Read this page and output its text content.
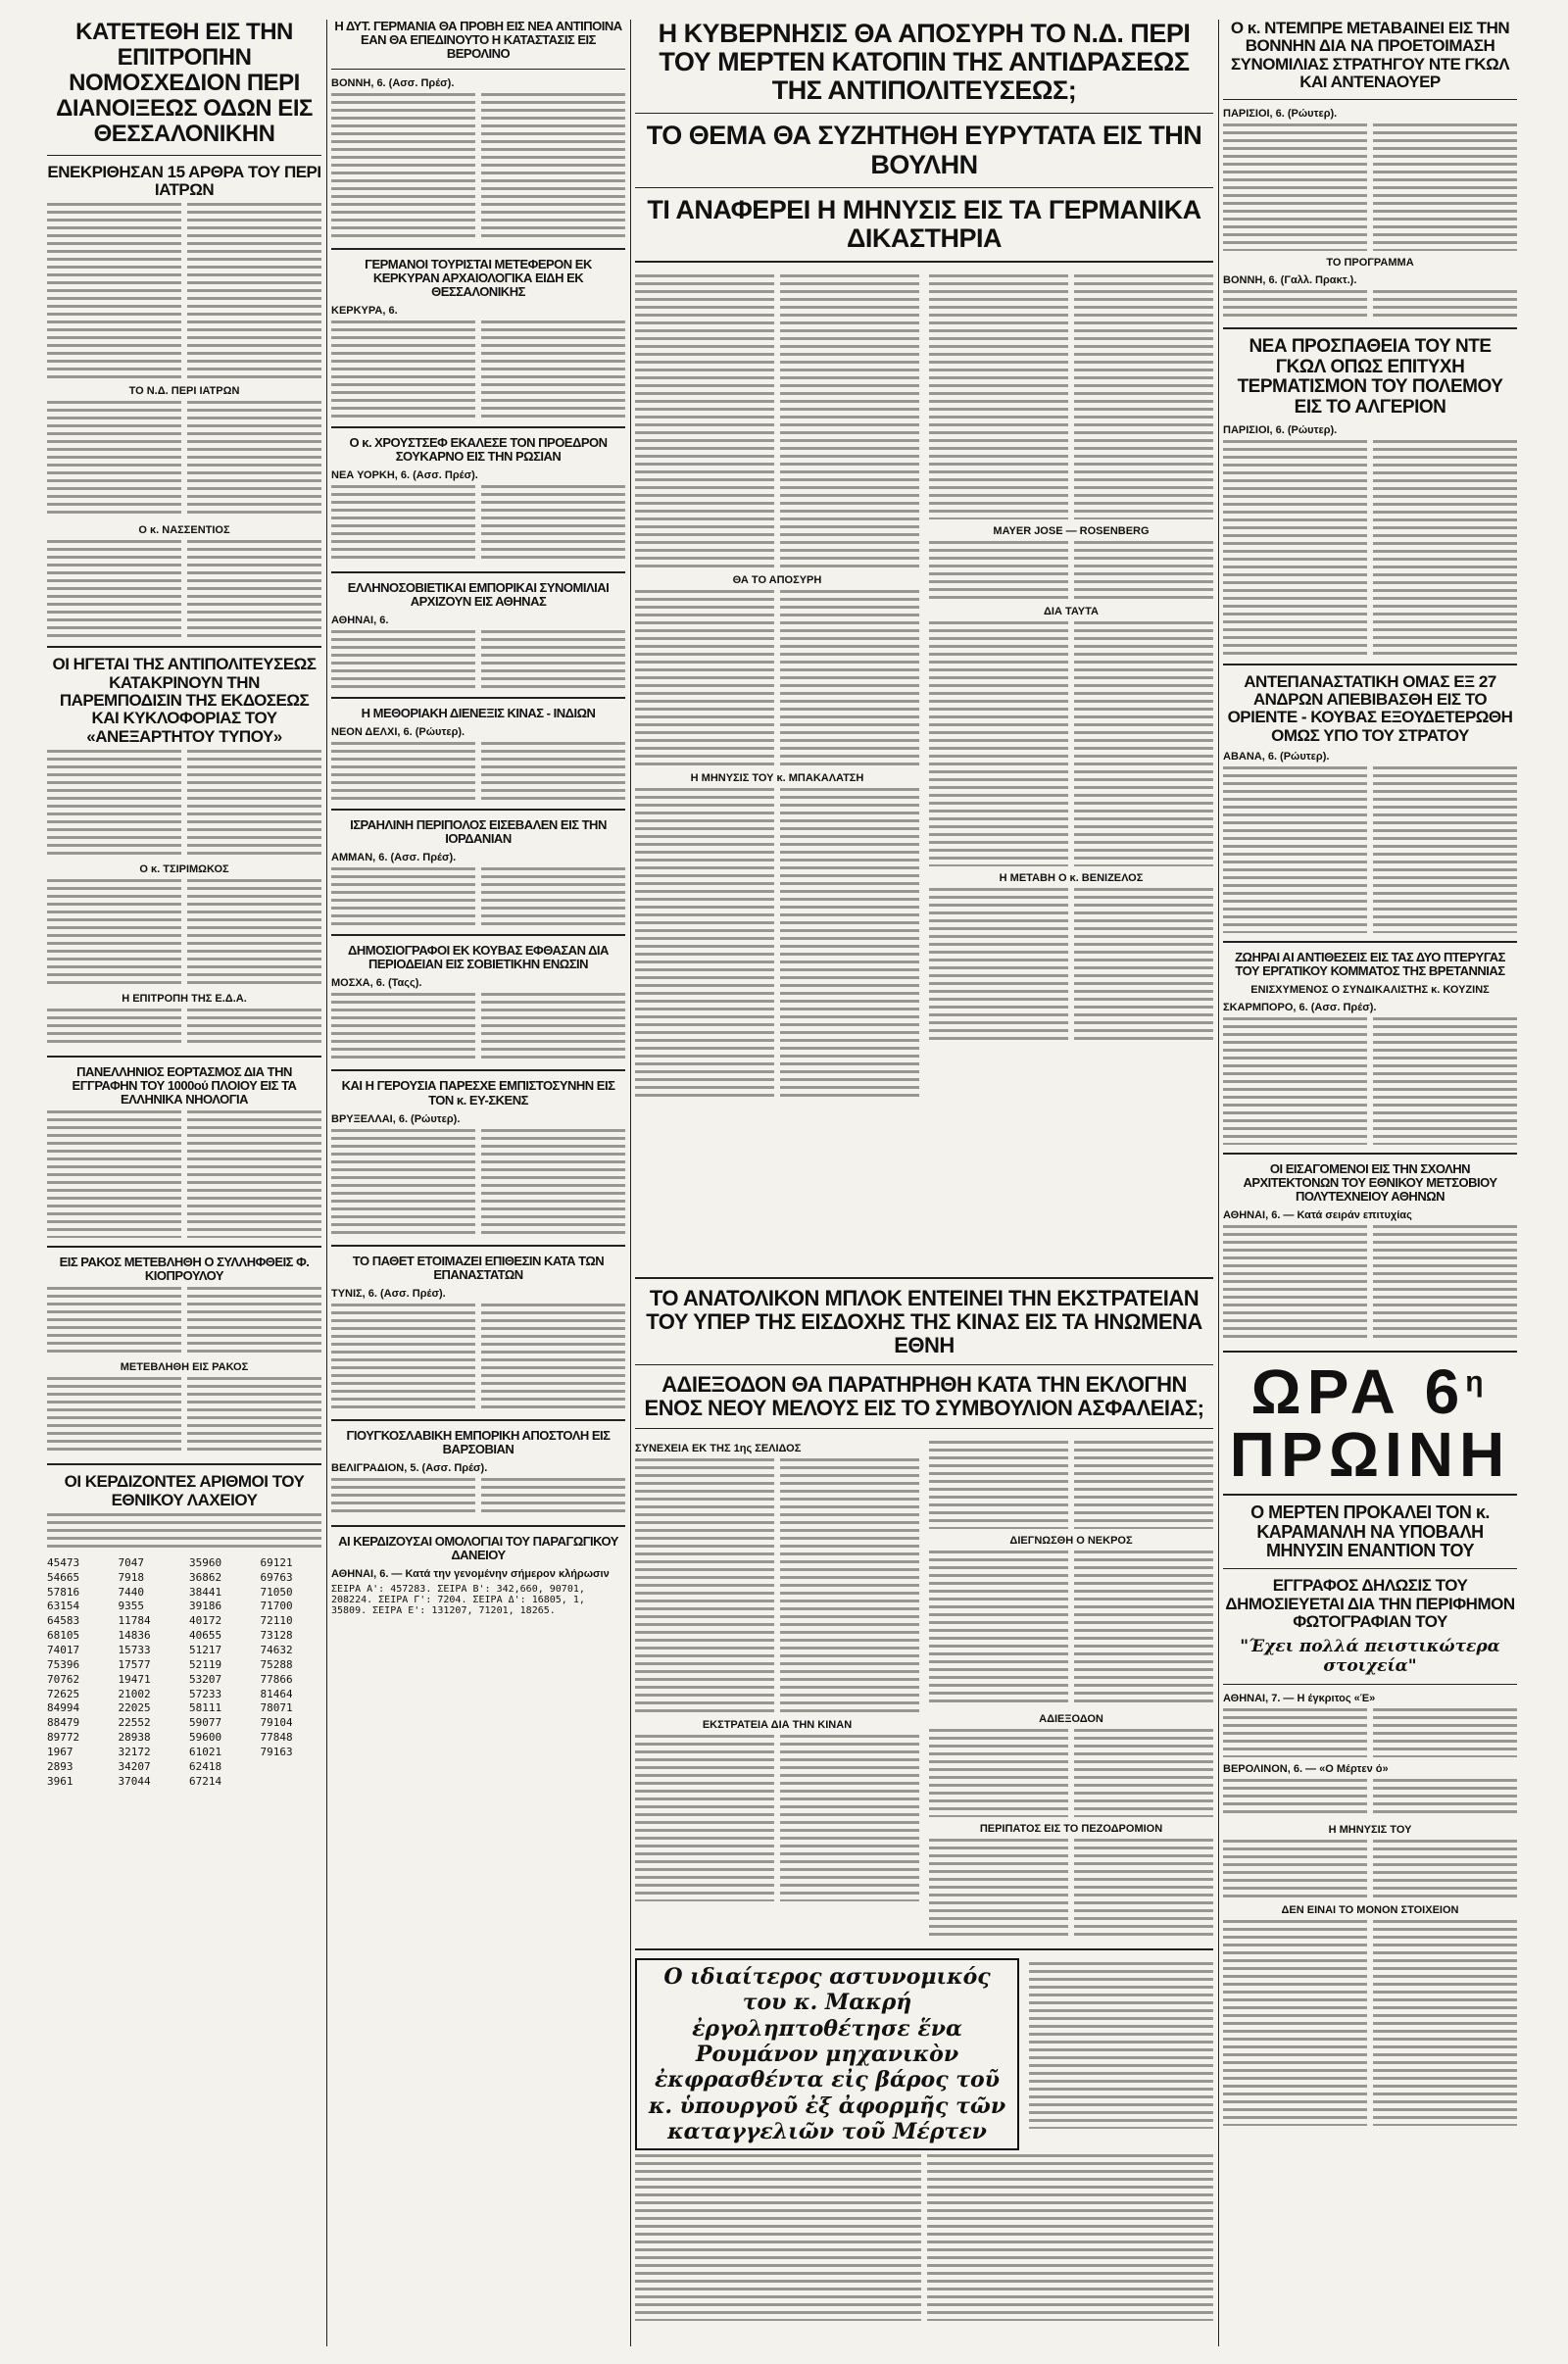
ΚΑΤΕΤΕΘΗ ΕΙΣ ΤΗΝ ΕΠΙΤΡΟΠΗΝ ΝΟΜΟΣΧΕΔΙΟΝ ΠΕΡΙ ΔΙΑΝΟΙΞΕΩΣ ΟΔΩΝ ΕΙΣ ΘΕΣΣΑΛΟΝΙΚΗΝ

ΕΝΕΚΡΙΘΗΣΑΝ 15 ΑΡΘΡΑ ΤΟΥ ΠΕΡΙ ΙΑΤΡΩΝ

ΤΟ Ν.Δ. ΠΕΡΙ ΙΑΤΡΩΝ

Ο κ. ΝΑΣΣΕΝΤΙΟΣ

ΟΙ ΗΓΕΤΑΙ ΤΗΣ ΑΝΤΙΠΟΛΙΤΕΥΣΕΩΣ ΚΑΤΑΚΡΙΝΟΥΝ ΤΗΝ ΠΑΡΕΜΠΟΔΙΣΙΝ ΤΗΣ ΕΚΔΟΣΕΩΣ ΚΑΙ ΚΥΚΛΟΦΟΡΙΑΣ ΤΟΥ «ΑΝΕΞΑΡΤΗΤΟΥ ΤΥΠΟΥ»

Ο κ. ΤΣΙΡΙΜΩΚΟΣ

Η ΕΠΙΤΡΟΠΗ ΤΗΣ Ε.Δ.Α.

ΠΑΝΕΛΛΗΝΙΟΣ ΕΟΡΤΑΣΜΟΣ ΔΙΑ ΤΗΝ ΕΓΓΡΑΦΗΝ ΤΟΥ 1000ού ΠΛΟΙΟΥ ΕΙΣ ΤΑ ΕΛΛΗΝΙΚΑ ΝΗΟΛΟΓΙΑ

ΕΙΣ ΡΑΚΟΣ ΜΕΤΕΒΛΗΘΗ Ο ΣΥΛΛΗΦΘΕΙΣ Φ. ΚΙΟΠΡΟΥΛΟΥ

ΜΕΤΕΒΛΗΘΗ ΕΙΣ ΡΑΚΟΣ

ΟΙ ΚΕΡΔΙΖΟΝΤΕΣ ΑΡΙΘΜΟΙ ΤΟΥ ΕΘΝΙΚΟΥ ΛΑΧΕΙΟΥ

45473
54665
57816
63154
64583
68105
74017
75396
70762
72625
84994
88479
89772
1967
2893
3961
7047
7918
7440
9355
11784
14836
15733
17577
19471
21002
22025
22552
28938
32172
34207
37044
35960
36862
38441
39186
40172
40655
51217
52119
53207
57233
58111
59077
59600
61021
62418
67214
69121
69763
71050
71700
72110
73128
74632
75288
77866
81464
78071
79104
77848
79163

Η ΔΥΤ. ΓΕΡΜΑΝΙΑ ΘΑ ΠΡΟΒΗ ΕΙΣ ΝΕΑ ΑΝΤΙΠΟΙΝΑ ΕΑΝ ΘΑ ΕΠΕΔΙΝΟΥΤΟ Η ΚΑΤΑΣΤΑΣΙΣ ΕΙΣ ΒΕΡΟΛΙΝΟ

ΒΟΝΝΗ, 6. (Ασσ. Πρέσ).

ΓΕΡΜΑΝΟΙ ΤΟΥΡΙΣΤΑΙ ΜΕΤΕΦΕΡΟΝ ΕΚ ΚΕΡΚΥΡΑΝ ΑΡΧΑΙΟΛΟΓΙΚΑ ΕΙΔΗ ΕΚ ΘΕΣΣΑΛΟΝΙΚΗΣ

ΚΕΡΚΥΡΑ, 6.

Ο κ. ΧΡΟΥΣΤΣΕΦ ΕΚΑΛΕΣΕ ΤΟΝ ΠΡΟΕΔΡΟΝ ΣΟΥΚΑΡΝΟ ΕΙΣ ΤΗΝ ΡΩΣΙΑΝ

ΝΕΑ ΥΟΡΚΗ, 6. (Ασσ. Πρέσ).

ΕΛΛΗΝΟΣΟΒΙΕΤΙΚΑΙ ΕΜΠΟΡΙΚΑΙ ΣΥΝΟΜΙΛΙΑΙ ΑΡΧΙΖΟΥΝ ΕΙΣ ΑΘΗΝΑΣ

ΑΘΗΝΑΙ, 6.

Η ΜΕΘΟΡΙΑΚΗ ΔΙΕΝΕΞΙΣ ΚΙΝΑΣ - ΙΝΔΙΩΝ

ΝΕΟΝ ΔΕΛΧΙ, 6. (Ρώυτερ).

ΙΣΡΑΗΛΙΝΗ ΠΕΡΙΠΟΛΟΣ ΕΙΣΕΒΑΛΕΝ ΕΙΣ ΤΗΝ ΙΟΡΔΑΝΙΑΝ

ΑΜΜΑΝ, 6. (Ασσ. Πρέσ).

ΔΗΜΟΣΙΟΓΡΑΦΟΙ ΕΚ ΚΟΥΒΑΣ ΕΦΘΑΣΑΝ ΔΙΑ ΠΕΡΙΟΔΕΙΑΝ ΕΙΣ ΣΟΒΙΕΤΙΚΗΝ ΕΝΩΣΙΝ

ΜΟΣΧΑ, 6. (Ταςς).

ΚΑΙ Η ΓΕΡΟΥΣΙΑ ΠΑΡΕΣΧΕ ΕΜΠΙΣΤΟΣΥΝΗΝ ΕΙΣ ΤΟΝ κ. ΕΥ-ΣΚΕΝΣ

ΒΡΥΞΕΛΛΑΙ, 6. (Ρώυτερ).

ΤΟ ΠΑΘΕΤ ΕΤΟΙΜΑΖΕΙ ΕΠΙΘΕΣΙΝ ΚΑΤΑ ΤΩΝ ΕΠΑΝΑΣΤΑΤΩΝ

ΤΥΝΙΣ, 6. (Ασσ. Πρέσ).

ΓΙΟΥΓΚΟΣΛΑΒΙΚΗ ΕΜΠΟΡΙΚΗ ΑΠΟΣΤΟΛΗ ΕΙΣ ΒΑΡΣΟΒΙΑΝ

ΒΕΛΙΓΡΑΔΙΟΝ, 5. (Ασσ. Πρέσ).

ΑΙ ΚΕΡΔΙΖΟΥΣΑΙ ΟΜΟΛΟΓΙΑΙ ΤΟΥ ΠΑΡΑΓΩΓΙΚΟΥ ΔΑΝΕΙΟΥ

ΑΘΗΝΑΙ, 6. — Κατά την γενομένην σήμερον κλήρωσιν

ΣΕΙΡΑ Α': 457283. ΣΕΙΡΑ Β': 342,660, 90701, 208224. ΣΕΙΡΑ Γ': 7204. ΣΕΙΡΑ Δ': 16805, 1, 35809. ΣΕΙΡΑ Ε': 131207, 71201, 18265.

Η ΚΥΒΕΡΝΗΣΙΣ ΘΑ ΑΠΟΣΥΡΗ ΤΟ Ν.Δ. ΠΕΡΙ ΤΟΥ ΜΕΡΤΕΝ ΚΑΤΟΠΙΝ ΤΗΣ ΑΝΤΙΔΡΑΣΕΩΣ ΤΗΣ ΑΝΤΙΠΟΛΙΤΕΥΣΕΩΣ;

ΤΟ ΘΕΜΑ ΘΑ ΣΥΖΗΤΗΘΗ ΕΥΡΥΤΑΤΑ ΕΙΣ ΤΗΝ ΒΟΥΛΗΝ

ΤΙ ΑΝΑΦΕΡΕΙ Η ΜΗΝΥΣΙΣ ΕΙΣ ΤΑ ΓΕΡΜΑΝΙΚΑ ΔΙΚΑΣΤΗΡΙΑ

ΘΑ ΤΟ ΑΠΟΣΥΡΗ

Η ΜΗΝΥΣΙΣ ΤΟΥ κ. ΜΠΑΚΑΛΑΤΣΗ

MAYER JOSE — ROSENBERG

ΔΙΑ ΤΑΥΤΑ

Η ΜΕΤΑΒΗ Ο κ. ΒΕΝΙΖΕΛΟΣ

ΤΟ ΑΝΑΤΟΛΙΚΟΝ ΜΠΛΟΚ ΕΝΤΕΙΝΕΙ ΤΗΝ ΕΚΣΤΡΑΤΕΙΑΝ ΤΟΥ ΥΠΕΡ ΤΗΣ ΕΙΣΔΟΧΗΣ ΤΗΣ ΚΙΝΑΣ ΕΙΣ ΤΑ ΗΝΩΜΕΝΑ ΕΘΝΗ

ΑΔΙΕΞΟΔΟΝ ΘΑ ΠΑΡΑΤΗΡΗΘΗ ΚΑΤΑ ΤΗΝ ΕΚΛΟΓΗΝ ΕΝΟΣ ΝΕΟΥ ΜΕΛΟΥΣ ΕΙΣ ΤΟ ΣΥΜΒΟΥΛΙΟΝ ΑΣΦΑΛΕΙΑΣ;

ΣΥΝΕΧΕΙΑ ΕΚ ΤΗΣ 1ης ΣΕΛΙΔΟΣ

ΕΚΣΤΡΑΤΕΙΑ ΔΙΑ ΤΗΝ ΚΙΝΑΝ

ΔΙΕΓΝΩΣΘΗ Ο ΝΕΚΡΟΣ

ΑΔΙΕΞΟΔΟΝ

ΠΕΡΙΠΑΤΟΣ ΕΙΣ ΤΟ ΠΕΖΟΔΡΟΜΙΟΝ

Ο ιδιαίτερος αστυνομικός του κ. Μακρή ἐργοληπτοθέτησε ἕνα Ρουμάνον μηχανικὸν ἐκφρασθέντα εἰς βάρος τοῦ κ. ὑπουργοῦ ἐξ ἀφορμῆς τῶν καταγγελιῶν τοῦ Μέρτεν

Ο κ. ΝΤΕΜΠΡΕ ΜΕΤΑΒΑΙΝΕΙ ΕΙΣ ΤΗΝ ΒΟΝΝΗΝ ΔΙΑ ΝΑ ΠΡΟΕΤΟΙΜΑΣΗ ΣΥΝΟΜΙΛΙΑΣ ΣΤΡΑΤΗΓΟΥ ΝΤΕ ΓΚΩΛ ΚΑΙ ΑΝΤΕΝΑΟΥΕΡ

ΠΑΡΙΣΙΟΙ, 6. (Ρώυτερ).

ΤΟ ΠΡΟΓΡΑΜΜΑ

ΒΟΝΝΗ, 6. (Γαλλ. Πρακτ.).

ΝΕΑ ΠΡΟΣΠΑΘΕΙΑ ΤΟΥ ΝΤΕ ΓΚΩΛ ΟΠΩΣ ΕΠΙΤΥΧΗ ΤΕΡΜΑΤΙΣΜΟΝ ΤΟΥ ΠΟΛΕΜΟΥ ΕΙΣ ΤΟ ΑΛΓΕΡΙΟΝ

ΠΑΡΙΣΙΟΙ, 6. (Ρώυτερ).

ΑΝΤΕΠΑΝΑΣΤΑΤΙΚΗ ΟΜΑΣ ΕΞ 27 ΑΝΔΡΩΝ ΑΠΕΒΙΒΑΣΘΗ ΕΙΣ ΤΟ ΟΡΙΕΝΤΕ - ΚΟΥΒΑΣ ΕΞΟΥΔΕΤΕΡΩΘΗ ΟΜΩΣ ΥΠΟ ΤΟΥ ΣΤΡΑΤΟΥ

ΑΒΑΝΑ, 6. (Ρώυτερ).

ΖΩΗΡΑΙ ΑΙ ΑΝΤΙΘΕΣΕΙΣ ΕΙΣ ΤΑΣ ΔΥΟ ΠΤΕΡΥΓΑΣ ΤΟΥ ΕΡΓΑΤΙΚΟΥ ΚΟΜΜΑΤΟΣ ΤΗΣ ΒΡΕΤΑΝΝΙΑΣ

ΕΝΙΣΧΥΜΕΝΟΣ Ο ΣΥΝΔΙΚΑΛΙΣΤΗΣ κ. ΚΟΥΖΙΝΣ

ΣΚΑΡΜΠΟΡΟ, 6. (Ασσ. Πρέσ).

ΟΙ ΕΙΣΑΓΟΜΕΝΟΙ ΕΙΣ ΤΗΝ ΣΧΟΛΗΝ ΑΡΧΙΤΕΚΤΟΝΩΝ ΤΟΥ ΕΘΝΙΚΟΥ ΜΕΤΣΟΒΙΟΥ ΠΟΛΥΤΕΧΝΕΙΟΥ ΑΘΗΝΩΝ

ΑΘΗΝΑΙ, 6. — Κατά σειράν επιτυχίας

ΩΡΑ $6^\eta$ ΠΡΩΙΝΗ

Ο ΜΕΡΤΕΝ ΠΡΟΚΑΛΕΙ ΤΟΝ κ. ΚΑΡΑΜΑΝΛΗ ΝΑ ΥΠΟΒΑΛΗ ΜΗΝΥΣΙΝ ΕΝΑΝΤΙΟΝ ΤΟΥ

ΕΓΓΡΑΦΟΣ ΔΗΛΩΣΙΣ ΤΟΥ ΔΗΜΟΣΙΕΥΕΤΑΙ ΔΙΑ ΤΗΝ ΠΕΡΙΦΗΜΟΝ ΦΩΤΟΓΡΑΦΙΑΝ ΤΟΥ

"Έχει πολλά πειστικώτερα στοιχεία"

ΑΘΗΝΑΙ, 7. — Η έγκριτος «Έ»

ΒΕΡΟΛΙΝΟΝ, 6. — «Ο Μέρτεν ό»

Η ΜΗΝΥΣΙΣ ΤΟΥ

ΔΕΝ ΕΙΝΑΙ ΤΟ ΜΟΝΟΝ ΣΤΟΙΧΕΙΟΝ
